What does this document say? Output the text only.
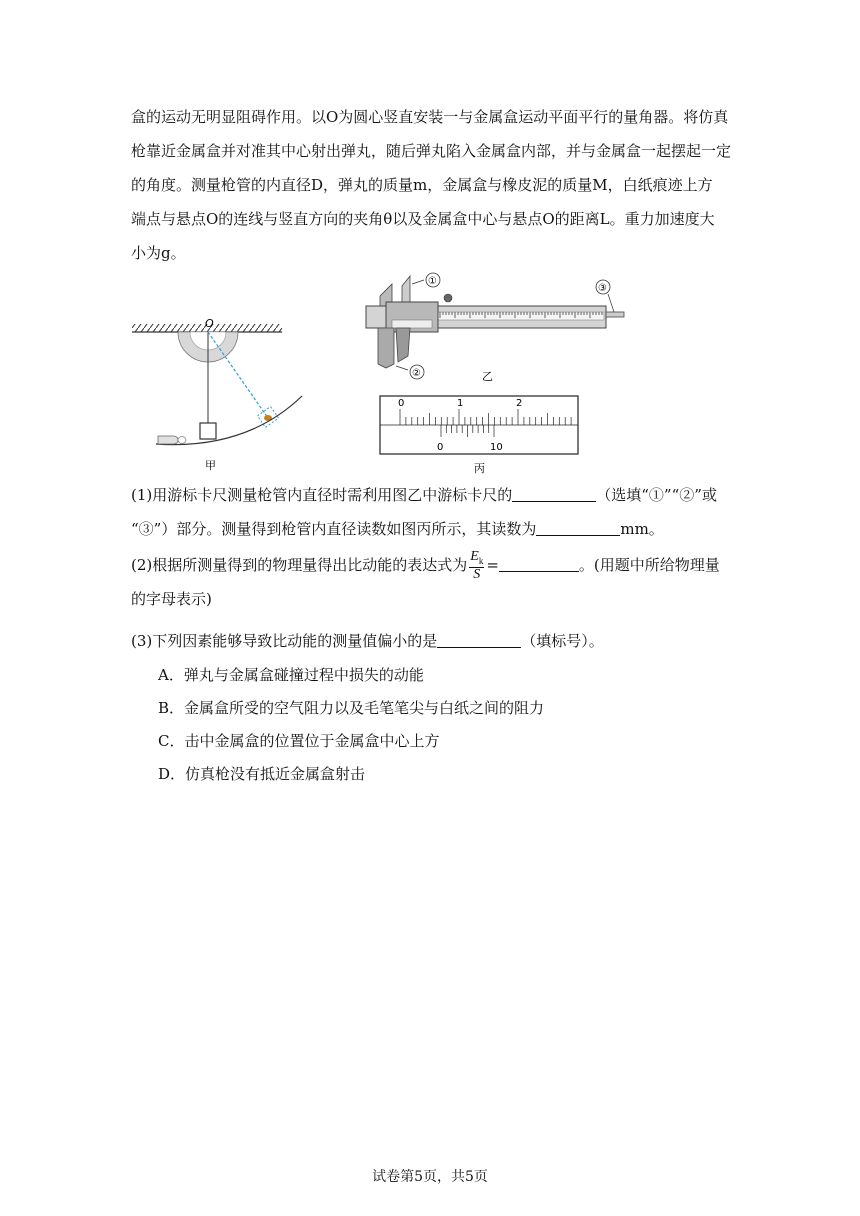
盒的运动无明显阻碍作用。以O为圆心竖直安装一与金属盒运动平面平行的量角器。将仿真
枪靠近金属盒并对准其中心射出弹丸，随后弹丸陷入金属盒内部，并与金属盒一起摆起一定
的角度。测量枪管的内直径D，弹丸的质量m，金属盒与橡皮泥的质量M，白纸痕迹上方
端点与悬点O的连线与竖直方向的夹角θ以及金属盒中心与悬点O的距离L。重力加速度大
小为g。
O
甲
①
②
③
乙
0	1	2
0	10
丙
(1)用游标卡尺测量枪管内直径时需利用图乙中游标卡尺的	（选填“①”“②”或
“③”）部分。测量得到枪管内直径读数如图丙所示，其读数为	mm。
(2)根据所测量得到的物理量得出比动能的表达式为 $\frac{E_k}{S}$ =	。(用题中所给物理量
的字母表示)
(3)下列因素能够导致比动能的测量值偏小的是	（填标号）。
A．弹丸与金属盒碰撞过程中损失的动能
B．金属盒所受的空气阻力以及毛笔笔尖与白纸之间的阻力
C．击中金属盒的位置位于金属盒中心上方
D．仿真枪没有抵近金属盒射击
试卷第5页，共5页
